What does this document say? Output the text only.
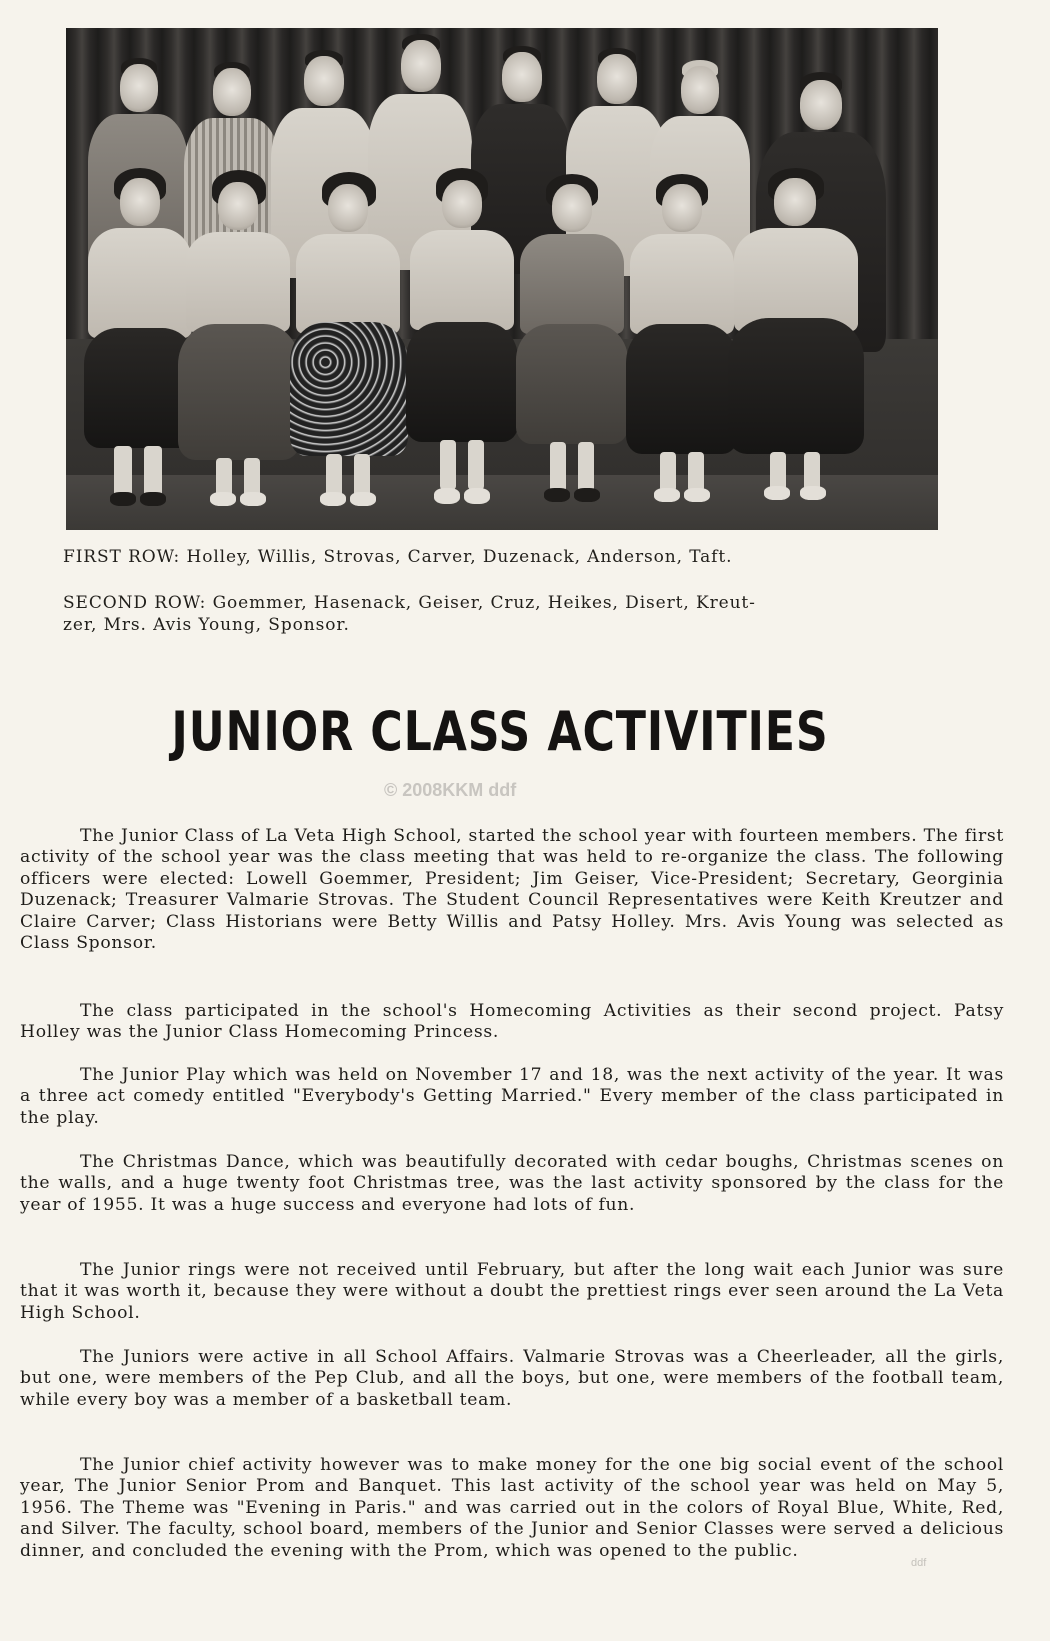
FIRST ROW: Holley, Willis, Strovas, Carver, Duzenack, Anderson, Taft.
SECOND ROW: Goemmer, Hasenack, Geiser, Cruz, Heikes, Disert, Kreut-
zer, Mrs. Avis Young, Sponsor.
JUNIOR CLASS ACTIVITIES
© 2008KKM ddf
The Junior Class of La Veta High School, started the school year with fourteen members. The first activity of the school year was the class meeting that was held to re-organize the class. The following officers were elected: Lowell Goemmer, President; Jim Geiser, Vice-President; Secretary, Georginia Duzenack; Treasurer Valmarie Strovas. The Student Council Representatives were Keith Kreutzer and Claire Carver; Class Historians were Betty Willis and Patsy Holley. Mrs. Avis Young was selected as Class Sponsor.
The class participated in the school's Homecoming Activities as their second project. Patsy Holley was the Junior Class Homecoming Princess.
The Junior Play which was held on November 17 and 18, was the next activity of the year. It was a three act comedy entitled "Everybody's Getting Married." Every member of the class participated in the play.
The Christmas Dance, which was beautifully decorated with cedar boughs, Christmas scenes on the walls, and a huge twenty foot Christmas tree, was the last activity sponsored by the class for the year of 1955. It was a huge success and everyone had lots of fun.
The Junior rings were not received until February, but after the long wait each Junior was sure that it was worth it, because they were without a doubt the prettiest rings ever seen around the La Veta High School.
The Juniors were active in all School Affairs. Valmarie Strovas was a Cheerleader, all the girls, but one, were members of the Pep Club, and all the boys, but one, were members of the football team, while every boy was a member of a basketball team.
The Junior chief activity however was to make money for the one big social event of the school year, The Junior Senior Prom and Banquet. This last activity of the school year was held on May 5, 1956. The Theme was "Evening in Paris." and was carried out in the colors of Royal Blue, White, Red, and Silver. The faculty, school board, members of the Junior and Senior Classes were served a delicious dinner, and concluded the evening with the Prom, which was opened to the public.
ddf
